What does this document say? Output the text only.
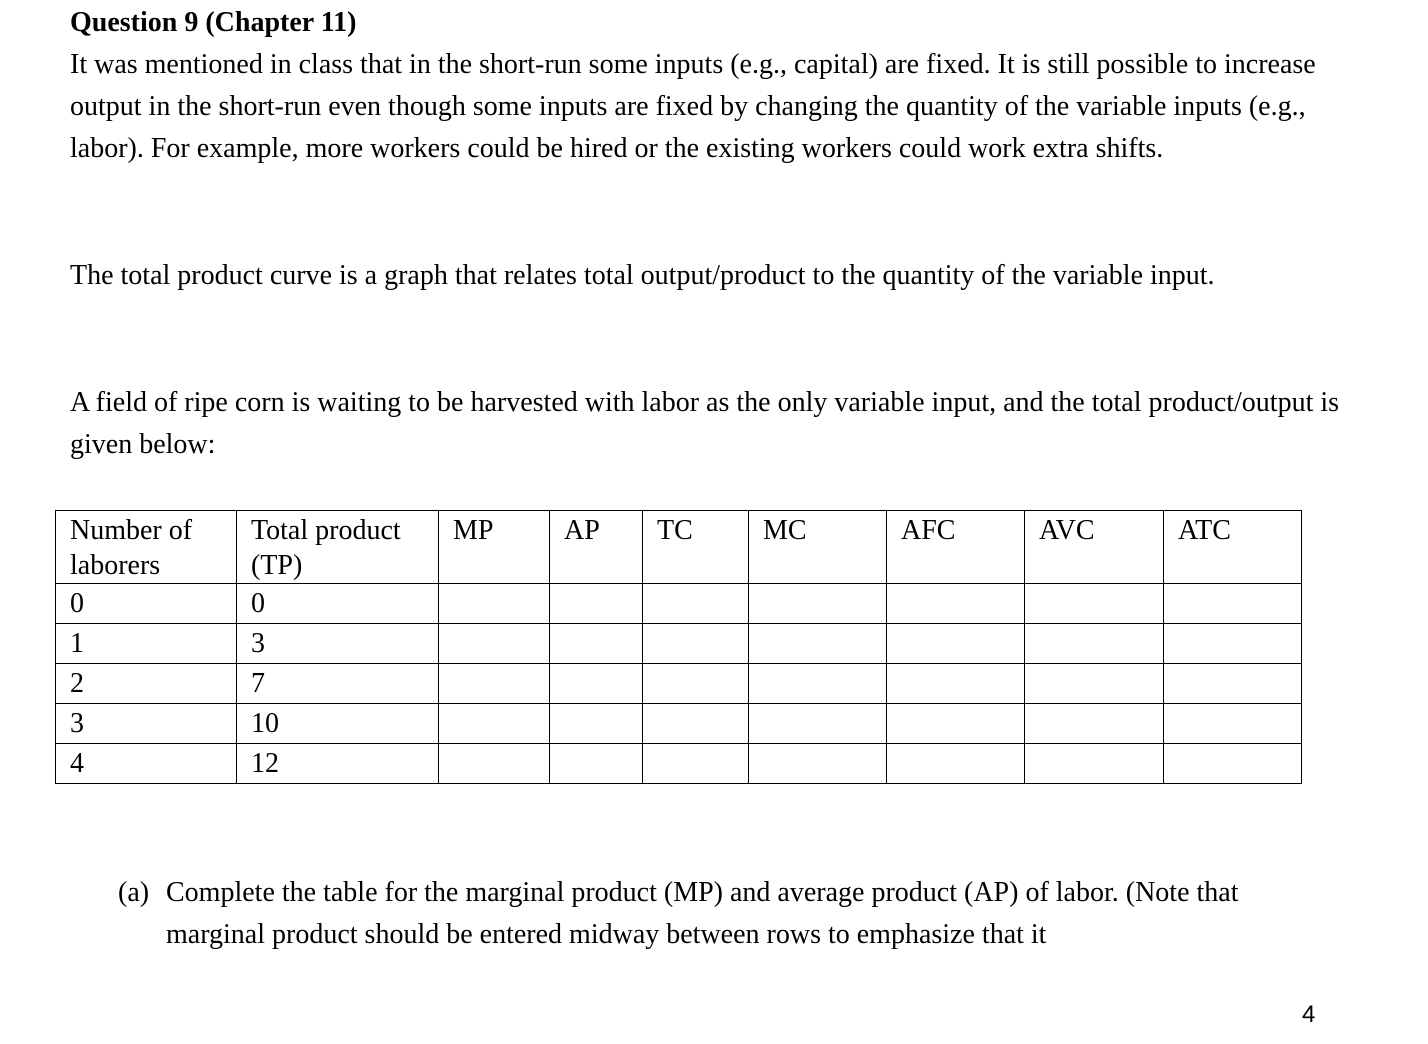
Question 9 (Chapter 11)

It was mentioned in class that in the short-run some inputs (e.g., capital) are fixed. It is still possible to increase output in the short-run even though some inputs are fixed by changing the quantity of the variable inputs (e.g., labor). For example, more workers could be hired or the existing workers could work extra shifts.

The total product curve is a graph that relates total output/product to the quantity of the variable input.

A field of ripe corn is waiting to be harvested with labor as the only variable input, and the total product/output is given below:

Number of laborers	Total product (TP)	MP	AP	TC	MC	AFC	AVC	ATC
0	0							
1	3							
2	7							
3	10							
4	12							
(a) Complete the table for the marginal product (MP) and average product (AP) of labor. (Note that marginal product should be entered midway between rows to emphasize that it
4
